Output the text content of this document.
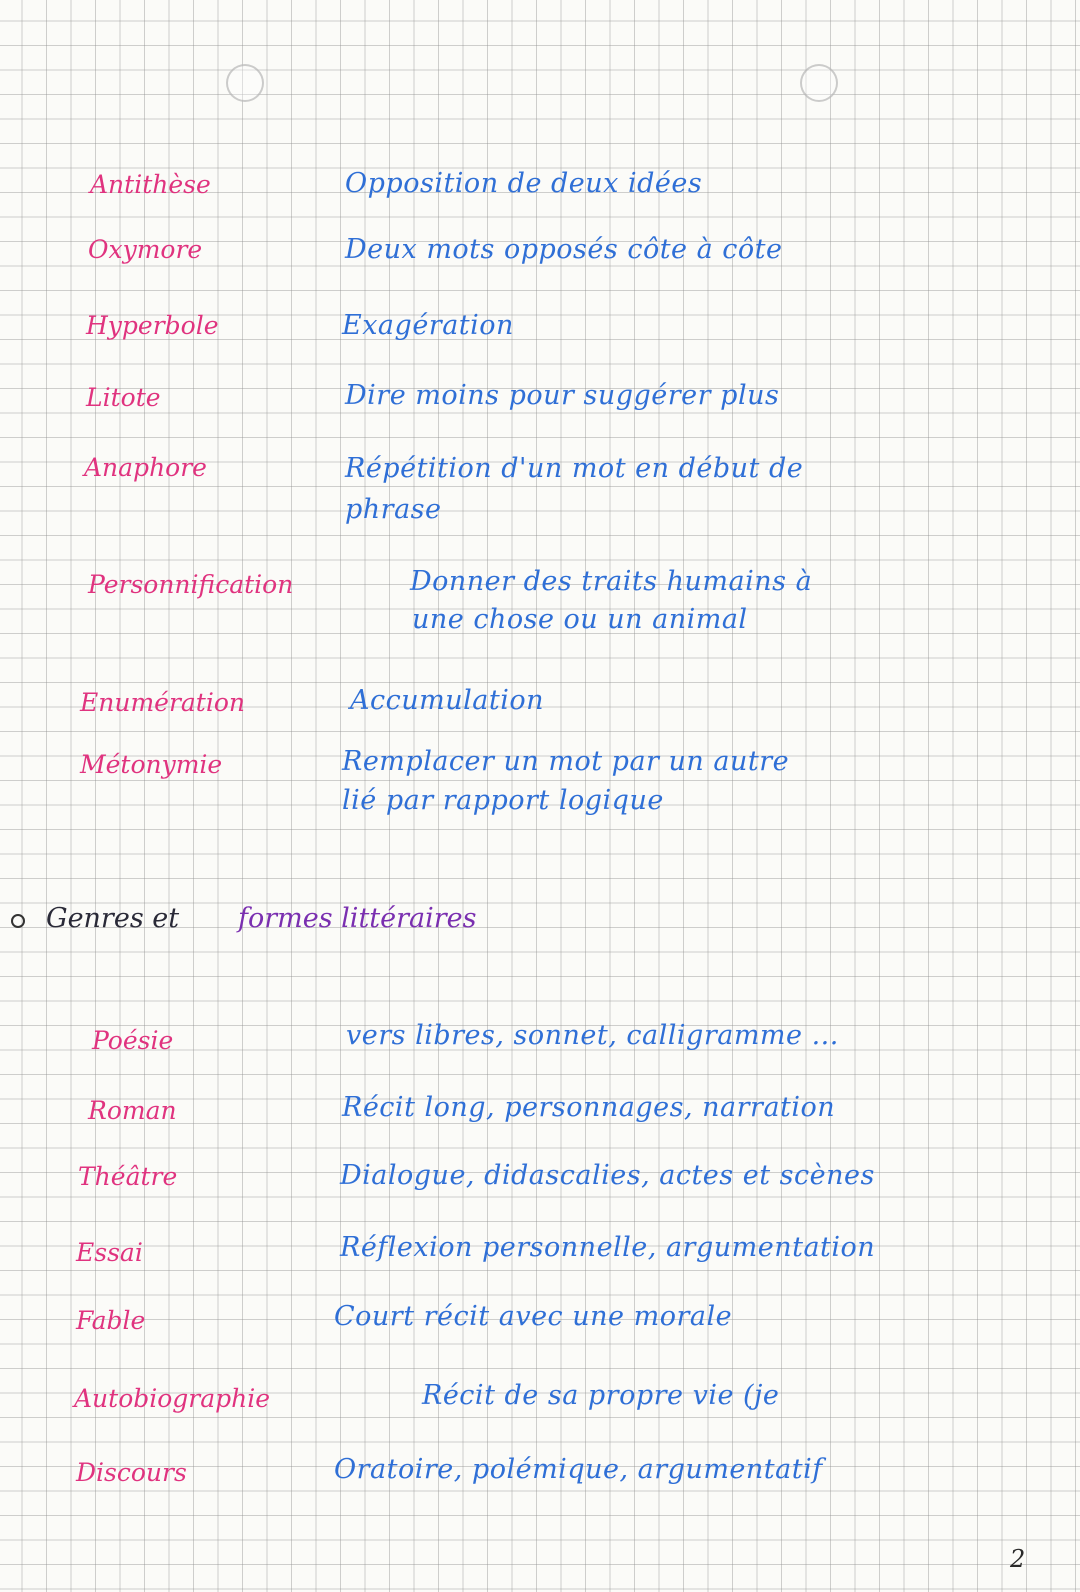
Antithèse	Opposition de deux idées
Oxymore	Deux mots opposés côte à côte
Hyperbole	Exagération
Litote	Dire moins pour suggérer plus
Anaphore	Répétition d'un mot en début de
phrase
Personnification	Donner des traits humains à
une chose ou un animal
Enumération	Accumulation
Métonymie	Remplacer un mot par un autre
lié par rapport logique
Genres et formes littéraires
Poésie	vers libres, sonnet, calligramme ...
Roman	Récit long, personnages, narration
Théâtre	Dialogue, didascalies, actes et scènes
Essai	Réflexion personnelle, argumentation
Fable	Court récit avec une morale
Autobiographie	Récit de sa propre vie (je
Discours	Oratoire, polémique, argumentatif
2
